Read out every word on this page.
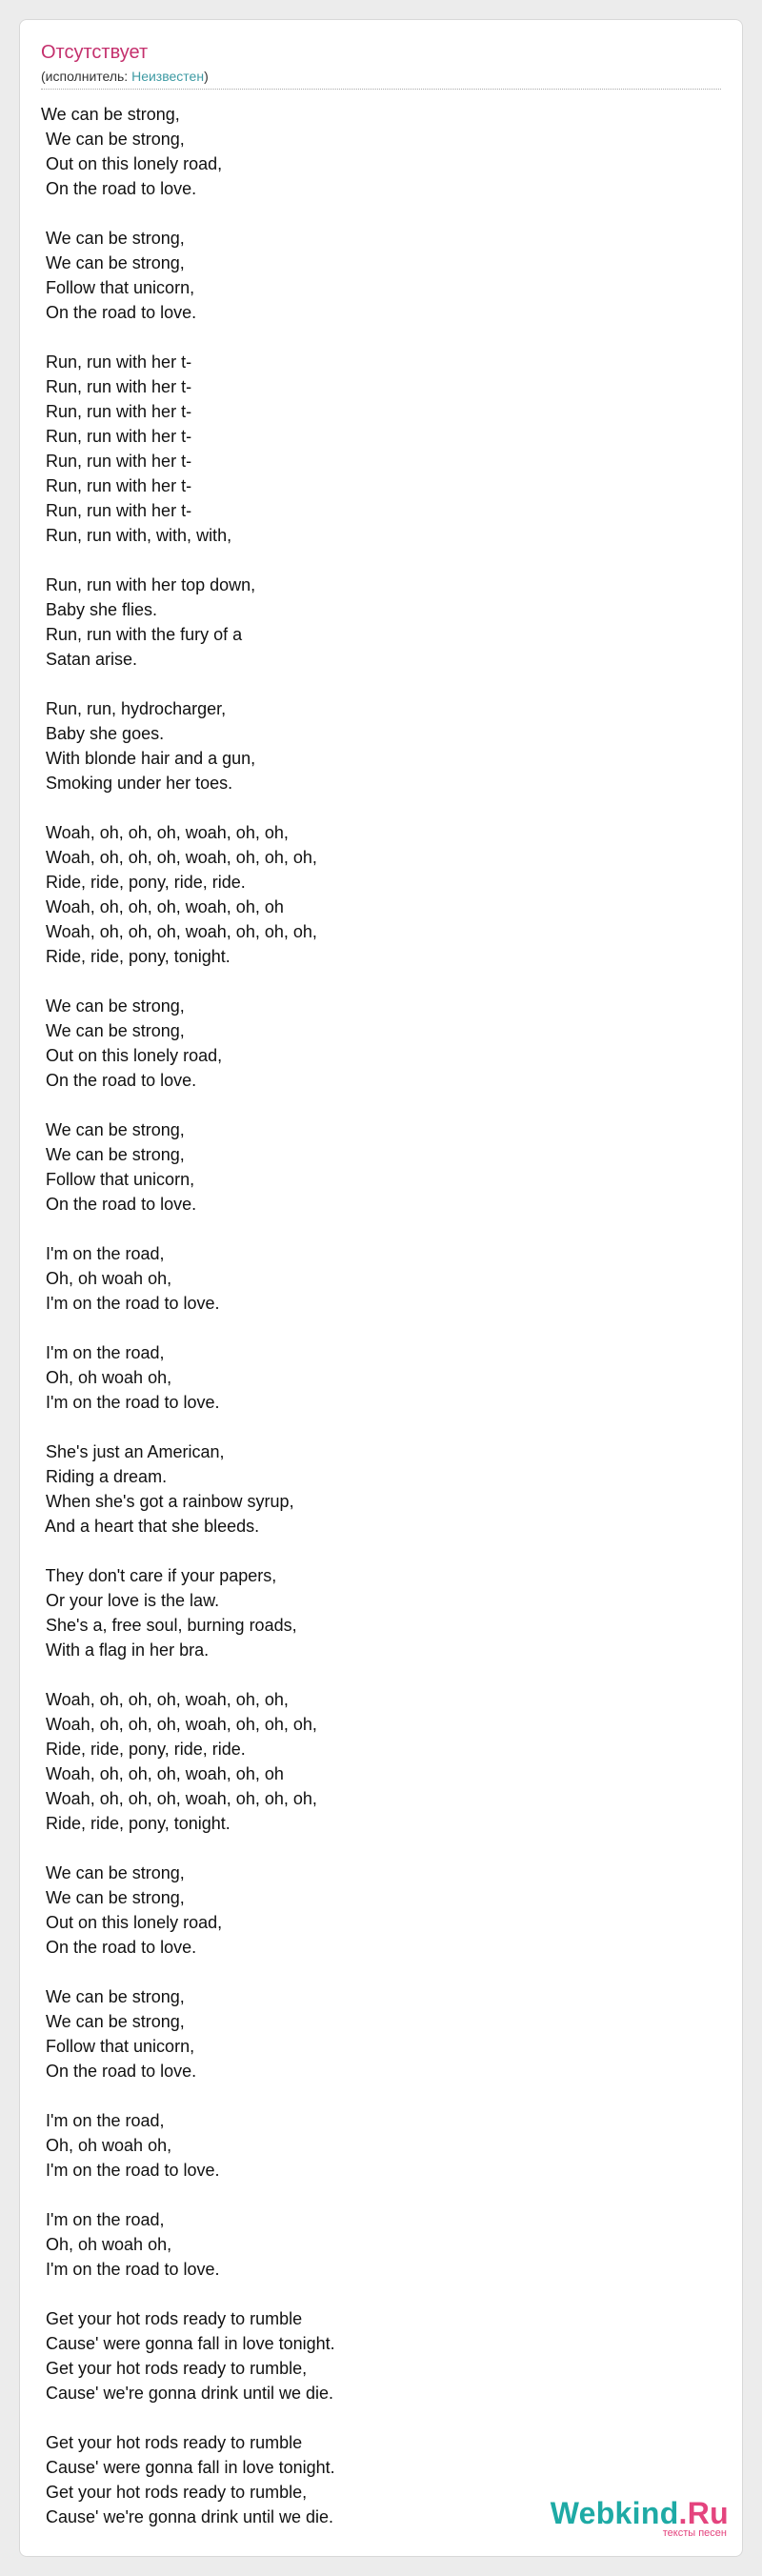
Отсутствует
(исполнитель: Неизвестен)
We can be strong,
We can be strong,
Out on this lonely road,
On the road to love.
We can be strong,
We can be strong,
Follow that unicorn,
On the road to love.
Run, run with her t-
Run, run with her t-
Run, run with her t-
Run, run with her t-
Run, run with her t-
Run, run with her t-
Run, run with her t-
Run, run with, with, with,
Run, run with her top down,
Baby she flies.
Run, run with the fury of a
Satan arise.
Run, run, hydrocharger,
Baby she goes.
With blonde hair and a gun,
Smoking under her toes.
Woah, oh, oh, oh, woah, oh, oh,
Woah, oh, oh, oh, woah, oh, oh, oh,
Ride, ride, pony, ride, ride.
Woah, oh, oh, oh, woah, oh, oh
Woah, oh, oh, oh, woah, oh, oh, oh,
Ride, ride, pony, tonight.
We can be strong,
We can be strong,
Out on this lonely road,
On the road to love.
We can be strong,
We can be strong,
Follow that unicorn,
On the road to love.
I'm on the road,
Oh, oh woah oh,
I'm on the road to love.
I'm on the road,
Oh, oh woah oh,
I'm on the road to love.
She's just an American,
Riding a dream.
When she's got a rainbow syrup,
And a heart that she bleeds.
They don't care if your papers,
Or your love is the law.
She's a, free soul, burning roads,
With a flag in her bra.
Woah, oh, oh, oh, woah, oh, oh,
Woah, oh, oh, oh, woah, oh, oh, oh,
Ride, ride, pony, ride, ride.
Woah, oh, oh, oh, woah, oh, oh
Woah, oh, oh, oh, woah, oh, oh, oh,
Ride, ride, pony, tonight.
We can be strong,
We can be strong,
Out on this lonely road,
On the road to love.
We can be strong,
We can be strong,
Follow that unicorn,
On the road to love.
I'm on the road,
Oh, oh woah oh,
I'm on the road to love.
I'm on the road,
Oh, oh woah oh,
I'm on the road to love.
Get your hot rods ready to rumble
Cause' were gonna fall in love tonight.
Get your hot rods ready to rumble,
Cause' we're gonna drink until we die.
Get your hot rods ready to rumble
Cause' were gonna fall in love tonight.
Get your hot rods ready to rumble,
Cause' we're gonna drink until we die.	Webkind.Ru
тексты песен
